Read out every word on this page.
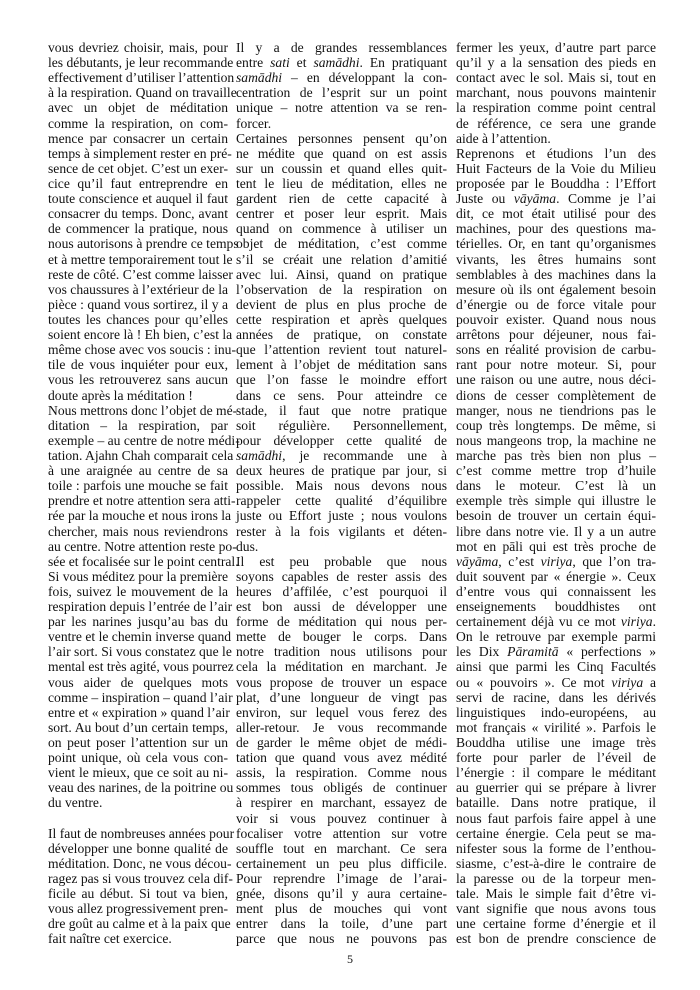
vous devriez choisir, mais, pour
les débutants, je leur recommande
effectivement d’utiliser l’attention
à la respiration. Quand on travaille
avec un objet de méditation
comme la respiration, on com-
mence par consacrer un certain
temps à simplement rester en pré-
sence de cet objet. C’est un exer-
cice qu’il faut entreprendre en
toute conscience et auquel il faut
consacrer du temps. Donc, avant
de commencer la pratique, nous
nous autorisons à prendre ce temps
et à mettre temporairement tout le
reste de côté. C’est comme laisser
vos chaussures à l’extérieur de la
pièce : quand vous sortirez, il y a
toutes les chances pour qu’elles
soient encore là ! Eh bien, c’est la
même chose avec vos soucis : inu-
tile de vous inquiéter pour eux,
vous les retrouverez sans aucun
doute après la méditation !
Nous mettrons donc l’objet de mé-
ditation – la respiration, par
exemple – au centre de notre médi-
tation. Ajahn Chah comparait cela
à une araignée au centre de sa
toile : parfois une mouche se fait
prendre et notre attention sera atti-
rée par la mouche et nous irons la
chercher, mais nous reviendrons
au centre. Notre attention reste po-
sée et focalisée sur le point central.
Si vous méditez pour la première
fois, suivez le mouvement de la
respiration depuis l’entrée de l’air
par les narines jusqu’au bas du
ventre et le chemin inverse quand
l’air sort. Si vous constatez que le
mental est très agité, vous pourrez
vous aider de quelques mots
comme – inspiration – quand l’air
entre et « expiration » quand l’air
sort. Au bout d’un certain temps,
on peut poser l’attention sur un
point unique, où cela vous con-
vient le mieux, que ce soit au ni-
veau des narines, de la poitrine ou
du ventre.
Il faut de nombreuses années pour
développer une bonne qualité de
méditation. Donc, ne vous décou-
ragez pas si vous trouvez cela dif-
ficile au début. Si tout va bien,
vous allez progressivement pren-
dre goût au calme et à la paix que
fait naître cet exercice.
Il y a de grandes ressemblances
entre sati et samādhi. En pratiquant
samādhi – en développant la con-
centration de l’esprit sur un point
unique – notre attention va se ren-
forcer.
Certaines personnes pensent qu’on
ne médite que quand on est assis
sur un coussin et quand elles quit-
tent le lieu de méditation, elles ne
gardent rien de cette capacité à
centrer et poser leur esprit. Mais
quand on commence à utiliser un
objet de méditation, c’est comme
s’il se créait une relation d’amitié
avec lui. Ainsi, quand on pratique
l’observation de la respiration on
devient de plus en plus proche de
cette respiration et après quelques
années de pratique, on constate
que l’attention revient tout naturel-
lement à l’objet de méditation sans
que l’on fasse le moindre effort
dans ce sens. Pour atteindre ce
stade, il faut que notre pratique
soit régulière. Personnellement,
pour développer cette qualité de
samādhi, je recommande une à
deux heures de pratique par jour, si
possible. Mais nous devons nous
rappeler cette qualité d’équilibre
juste ou Effort juste ; nous voulons
rester à la fois vigilants et déten-
dus.
Il est peu probable que nous
soyons capables de rester assis des
heures d’affilée, c’est pourquoi il
est bon aussi de développer une
forme de méditation qui nous per-
mette de bouger le corps. Dans
notre tradition nous utilisons pour
cela la méditation en marchant. Je
vous propose de trouver un espace
plat, d’une longueur de vingt pas
environ, sur lequel vous ferez des
aller-retour. Je vous recommande
de garder le même objet de médi-
tation que quand vous avez médité
assis, la respiration. Comme nous
sommes tous obligés de continuer
à respirer en marchant, essayez de
voir si vous pouvez continuer à
focaliser votre attention sur votre
souffle tout en marchant. Ce sera
certainement un peu plus difficile.
Pour reprendre l’image de l’arai-
gnée, disons qu’il y aura certaine-
ment plus de mouches qui vont
entrer dans la toile, d’une part
parce que nous ne pouvons pas
fermer les yeux, d’autre part parce
qu’il y a la sensation des pieds en
contact avec le sol. Mais si, tout en
marchant, nous pouvons maintenir
la respiration comme point central
de référence, ce sera une grande
aide à l’attention.
Reprenons et étudions l’un des
Huit Facteurs de la Voie du Milieu
proposée par le Bouddha : l’Effort
Juste ou vāyāma. Comme je l’ai
dit, ce mot était utilisé pour des
machines, pour des questions ma-
térielles. Or, en tant qu’organismes
vivants, les êtres humains sont
semblables à des machines dans la
mesure où ils ont également besoin
d’énergie ou de force vitale pour
pouvoir exister. Quand nous nous
arrêtons pour déjeuner, nous fai-
sons en réalité provision de carbu-
rant pour notre moteur. Si, pour
une raison ou une autre, nous déci-
dions de cesser complètement de
manger, nous ne tiendrions pas le
coup très longtemps. De même, si
nous mangeons trop, la machine ne
marche pas très bien non plus –
c’est comme mettre trop d’huile
dans le moteur. C’est là un
exemple très simple qui illustre le
besoin de trouver un certain équi-
libre dans notre vie. Il y a un autre
mot en pāli qui est très proche de
vāyāma, c’est viriya, que l’on tra-
duit souvent par « énergie ». Ceux
d’entre vous qui connaissent les
enseignements bouddhistes ont
certainement déjà vu ce mot viriya.
On le retrouve par exemple parmi
les Dix Pāramitā « perfections »
ainsi que parmi les Cinq Facultés
ou « pouvoirs ». Ce mot viriya a
servi de racine, dans les dérivés
linguistiques indo-européens, au
mot français « virilité ». Parfois le
Bouddha utilise une image très
forte pour parler de l’éveil de
l’énergie : il compare le méditant
au guerrier qui se prépare à livrer
bataille. Dans notre pratique, il
nous faut parfois faire appel à une
certaine énergie. Cela peut se ma-
nifester sous la forme de l’enthou-
siasme, c’est-à-dire le contraire de
la paresse ou de la torpeur men-
tale. Mais le simple fait d’être vi-
vant signifie que nous avons tous
une certaine forme d’énergie et il
est bon de prendre conscience de
5
